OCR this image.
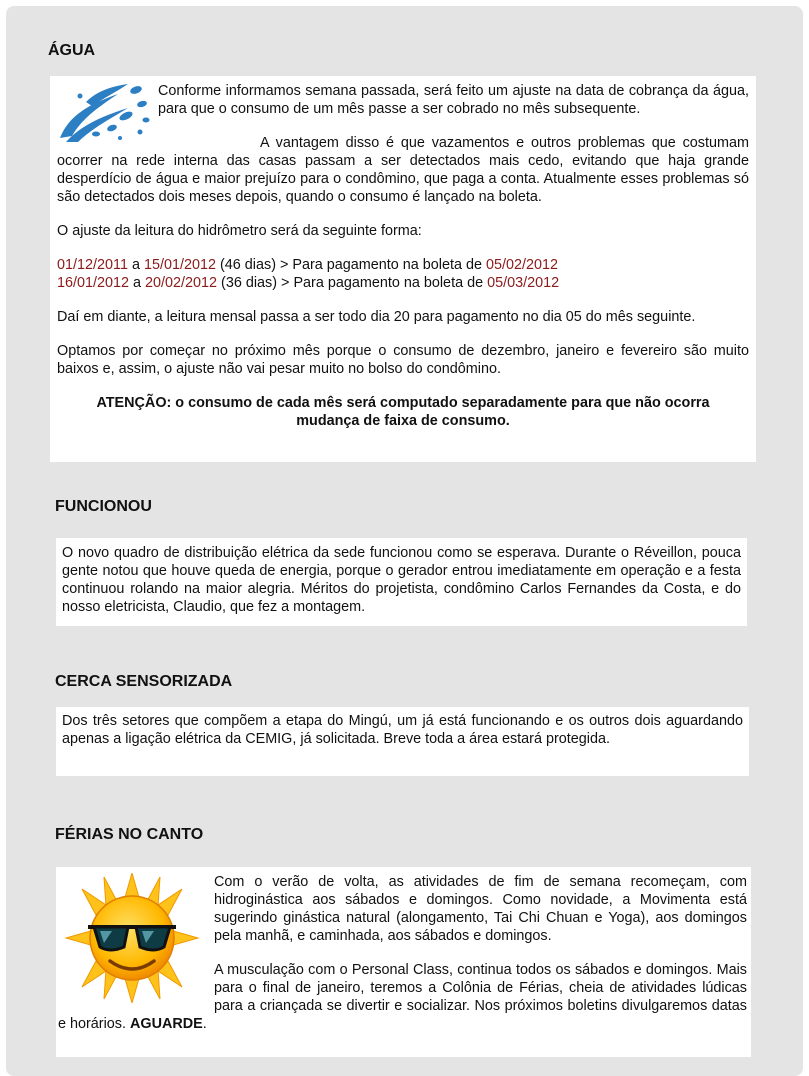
ÁGUA

Conforme informamos semana passada, será feito um ajuste na data de cobrança da água, para que o consumo de um mês passe a ser cobrado no mês subsequente.

A vantagem disso é que vazamentos e outros problemas que costumam ocorrer na rede interna das casas passam a ser detectados mais cedo, evitando que haja grande desperdício de água e maior prejuízo para o condômino, que paga a conta. Atualmente esses problemas só são detectados dois meses depois, quando o consumo é lançado na boleta.

O ajuste da leitura do hidrômetro será da seguinte forma:

01/12/2011 a 15/01/2012 (46 dias) > Para pagamento na boleta de 05/02/2012
16/01/2012 a 20/02/2012 (36 dias) > Para pagamento na boleta de 05/03/2012

Daí em diante, a leitura mensal passa a ser todo dia 20 para pagamento no dia 05 do mês seguinte.

Optamos por começar no próximo mês porque o consumo de dezembro, janeiro e fevereiro são muito baixos e, assim, o ajuste não vai pesar muito no bolso do condômino.

ATENÇÃO: o consumo de cada mês será computado separadamente para que não ocorra mudança de faixa de consumo.

FUNCIONOU

O novo quadro de distribuição elétrica da sede funcionou como se esperava. Durante o Réveillon, pouca gente notou que houve queda de energia, porque o gerador entrou imediatamente em operação e a festa continuou rolando na maior alegria. Méritos do projetista, condômino Carlos Fernandes da Costa, e do nosso eletricista, Claudio, que fez a montagem.

CERCA SENSORIZADA

Dos três setores que compõem a etapa do Mingú, um já está funcionando e os outros dois aguardando apenas a ligação elétrica da CEMIG, já solicitada. Breve toda a área estará protegida.

FÉRIAS NO CANTO

Com o verão de volta, as atividades de fim de semana recomeçam, com hidroginástica aos sábados e domingos. Como novidade, a Movimenta está sugerindo ginástica natural (alongamento, Tai Chi Chuan e Yoga), aos domingos pela manhã, e caminhada, aos sábados e domingos.

A musculação com o Personal Class, continua todos os sábados e domingos. Mais para o final de janeiro, teremos a Colônia de Férias, cheia de atividades lúdicas para a criançada se divertir e socializar. Nos próximos boletins divulgaremos datas e horários. AGUARDE.
